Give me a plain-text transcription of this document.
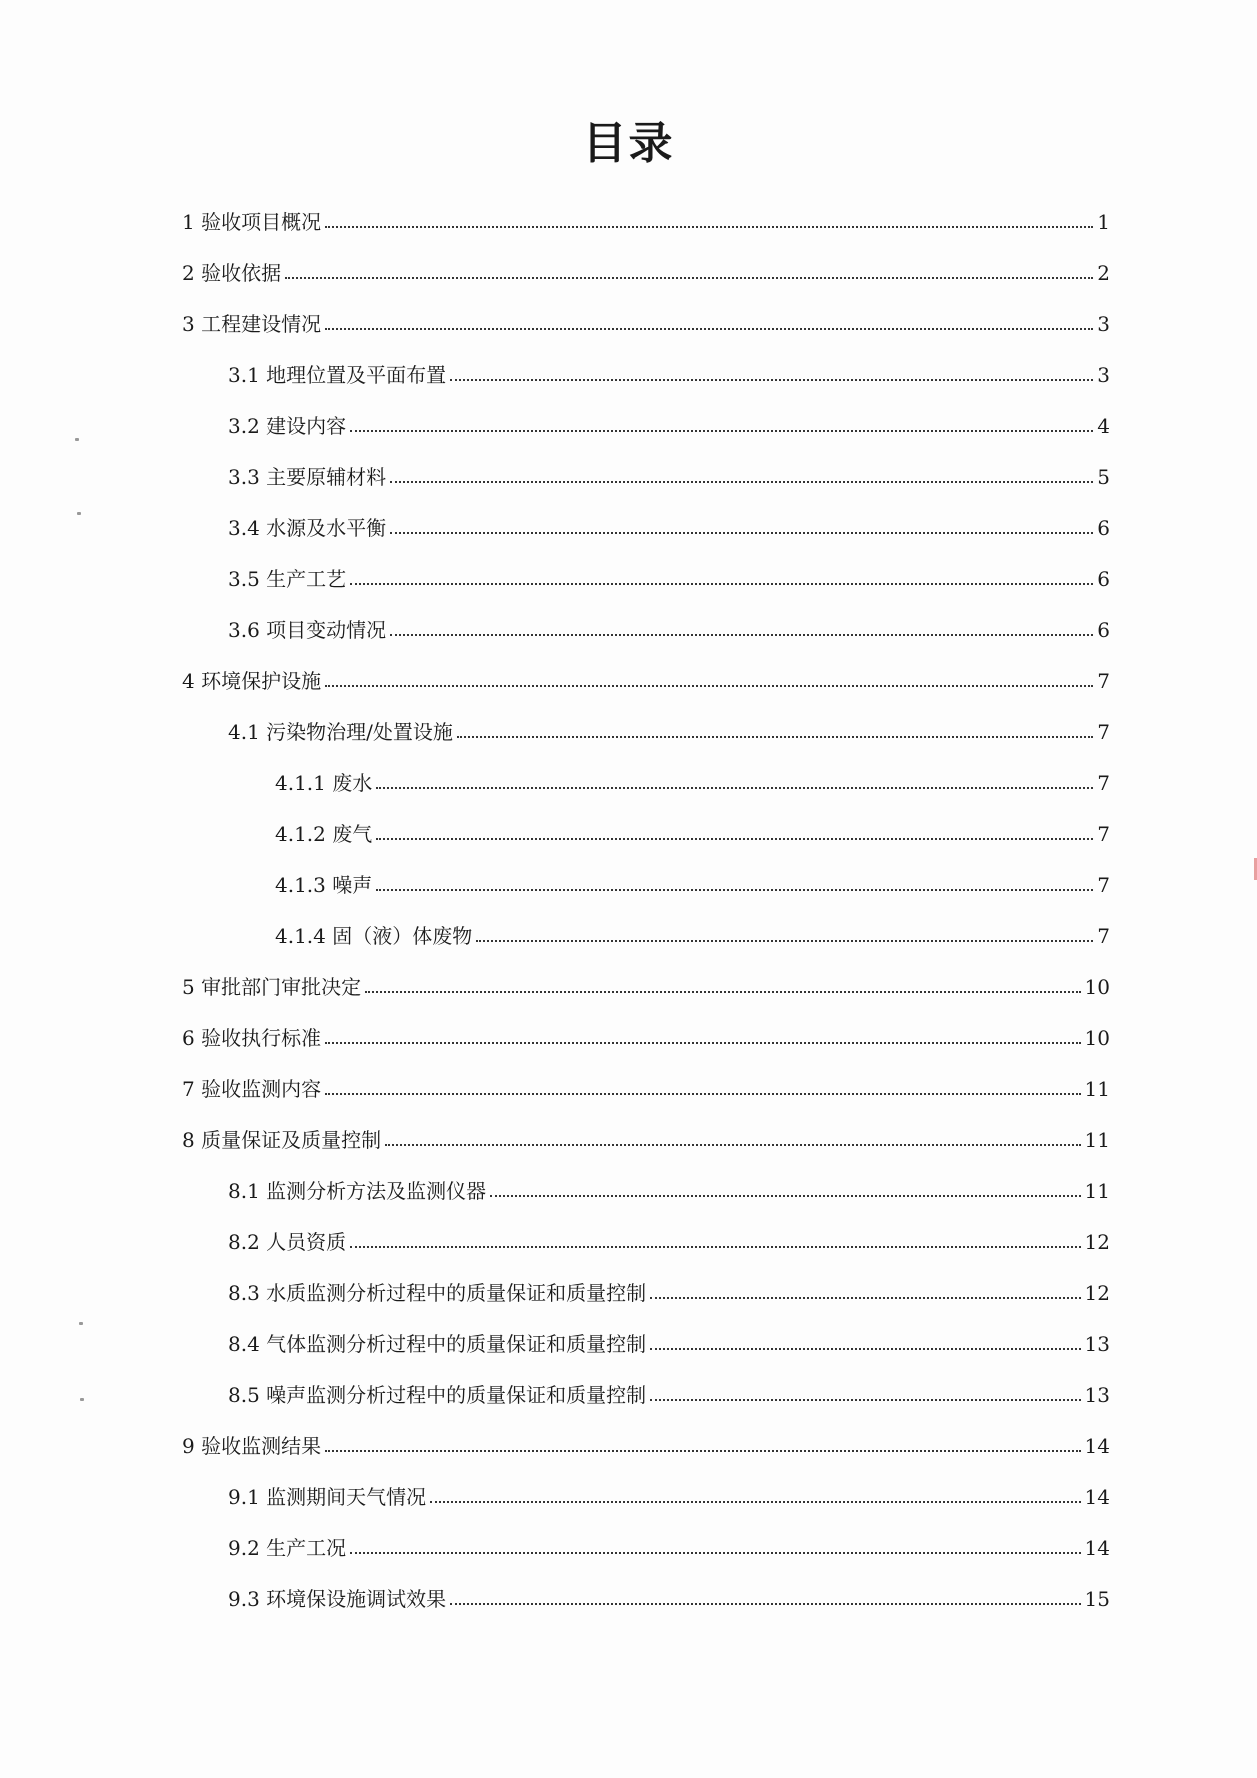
目录
1 验收项目概况	1
2 验收依据	2
3 工程建设情况	3
3.1 地理位置及平面布置	3
3.2 建设内容	4
3.3 主要原辅材料	5
3.4 水源及水平衡	6
3.5 生产工艺	6
3.6 项目变动情况	6
4 环境保护设施	7
4.1 污染物治理/处置设施	7
4.1.1 废水	7
4.1.2 废气	7
4.1.3 噪声	7
4.1.4 固（液）体废物	7
5 审批部门审批决定	10
6 验收执行标准	10
7 验收监测内容	11
8 质量保证及质量控制	11
8.1 监测分析方法及监测仪器	11
8.2 人员资质	12
8.3 水质监测分析过程中的质量保证和质量控制	12
8.4 气体监测分析过程中的质量保证和质量控制	13
8.5 噪声监测分析过程中的质量保证和质量控制	13
9 验收监测结果	14
9.1 监测期间天气情况	14
9.2 生产工况	14
9.3 环境保设施调试效果	15
